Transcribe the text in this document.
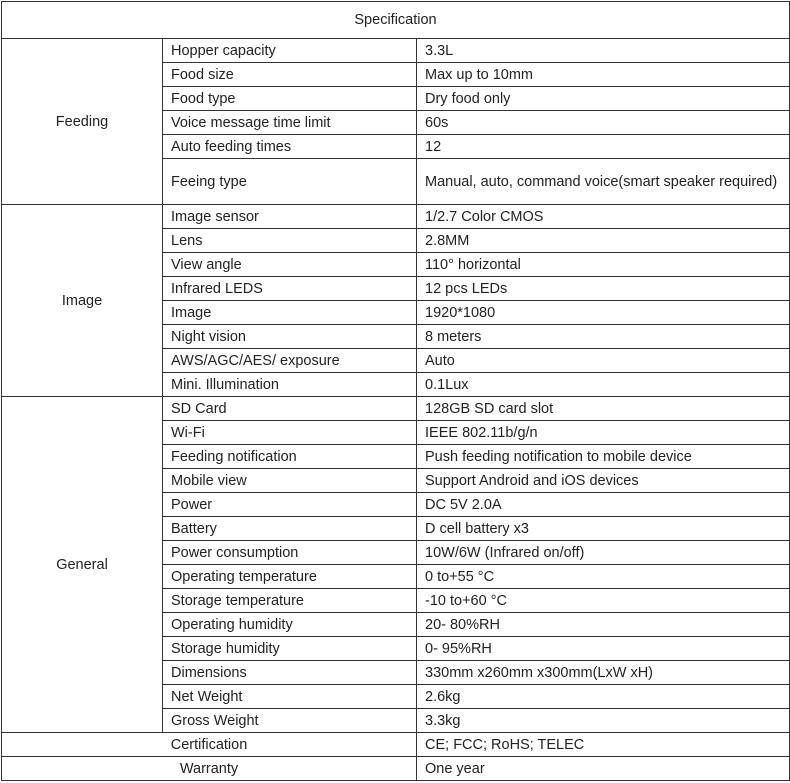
Specification		
Feeding	Hopper capacity	3.3L
	Food size	Max up to 10mm
	Food type	Dry food only
	Voice message time limit	60s
	Auto feeding times	12
	Feeing type	Manual, auto, command voice(smart speaker required)
Image	Image sensor	1/2.7 Color CMOS
	Lens	2.8MM
	View angle	110° horizontal
	Infrared LEDS	12 pcs LEDs
	Image	1920*1080
	Night vision	8 meters
	AWS/AGC/AES/ exposure	Auto
	Mini. Illumination	0.1Lux
General	SD Card	128GB SD card slot
	Wi-Fi	IEEE 802.11b/g/n
	Feeding notification	Push feeding notification to mobile device
	Mobile view	Support Android and iOS devices
	Power	DC 5V 2.0A
	Battery	D cell battery x3
	Power consumption	10W/6W (Infrared on/off)
	Operating temperature	0 to+55 °C
	Storage temperature	-10 to+60 °C
	Operating humidity	20- 80%RH
	Storage humidity	0- 95%RH
	Dimensions	330mm x260mm x300mm(LxW xH)
	Net Weight	2.6kg
	Gross Weight	3.3kg
Certification		CE; FCC; RoHS; TELEC
Warranty		One year
